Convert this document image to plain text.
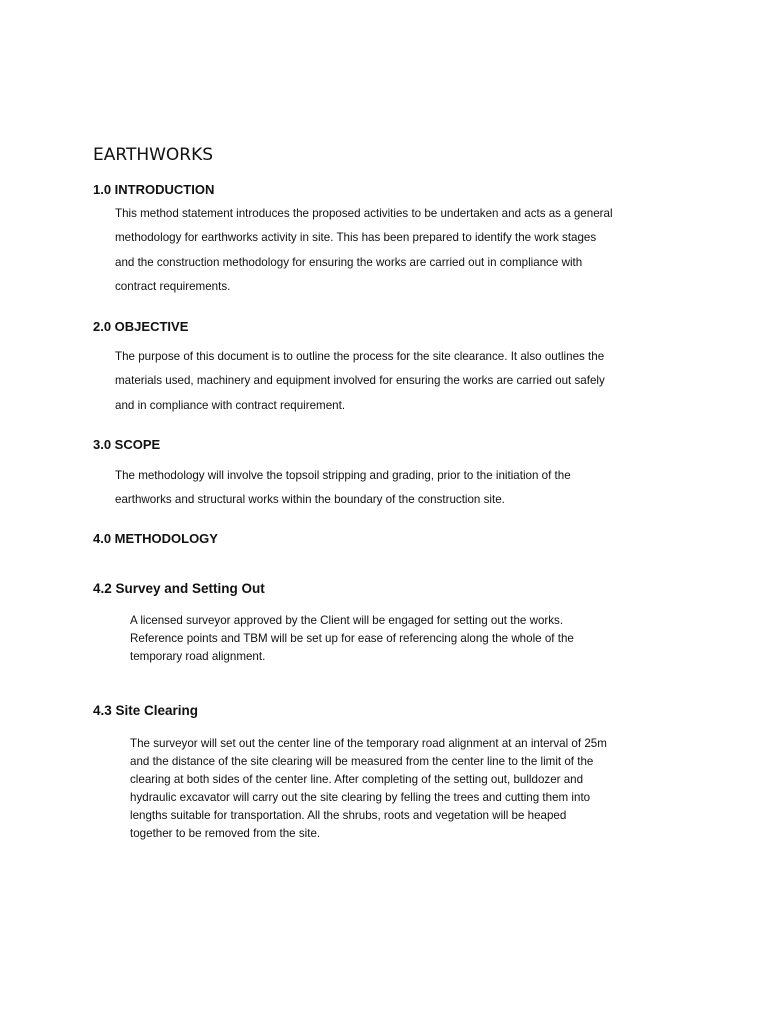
EARTHWORKS
1.0 INTRODUCTION

This method statement introduces the proposed activities to be undertaken and acts as a general
methodology for earthworks activity in site. This has been prepared to identify the work stages
and the construction methodology for ensuring the works are carried out in compliance with
contract requirements.

2.0 OBJECTIVE

The purpose of this document is to outline the process for the site clearance. It also outlines the
materials used, machinery and equipment involved for ensuring the works are carried out safely
and in compliance with contract requirement.

3.0 SCOPE

The methodology will involve the topsoil stripping and grading, prior to the initiation of the
earthworks and structural works within the boundary of the construction site.

4.0 METHODOLOGY
4.2 Survey and Setting Out

A licensed surveyor approved by the Client will be engaged for setting out the works.
Reference points and TBM will be set up for ease of referencing along the whole of the
temporary road alignment.

4.3 Site Clearing

The surveyor will set out the center line of the temporary road alignment at an interval of 25m
and the distance of the site clearing will be measured from the center line to the limit of the
clearing at both sides of the center line. After completing of the setting out, bulldozer and
hydraulic excavator will carry out the site clearing by felling the trees and cutting them into
lengths suitable for transportation. All the shrubs, roots and vegetation will be heaped
together to be removed from the site.
